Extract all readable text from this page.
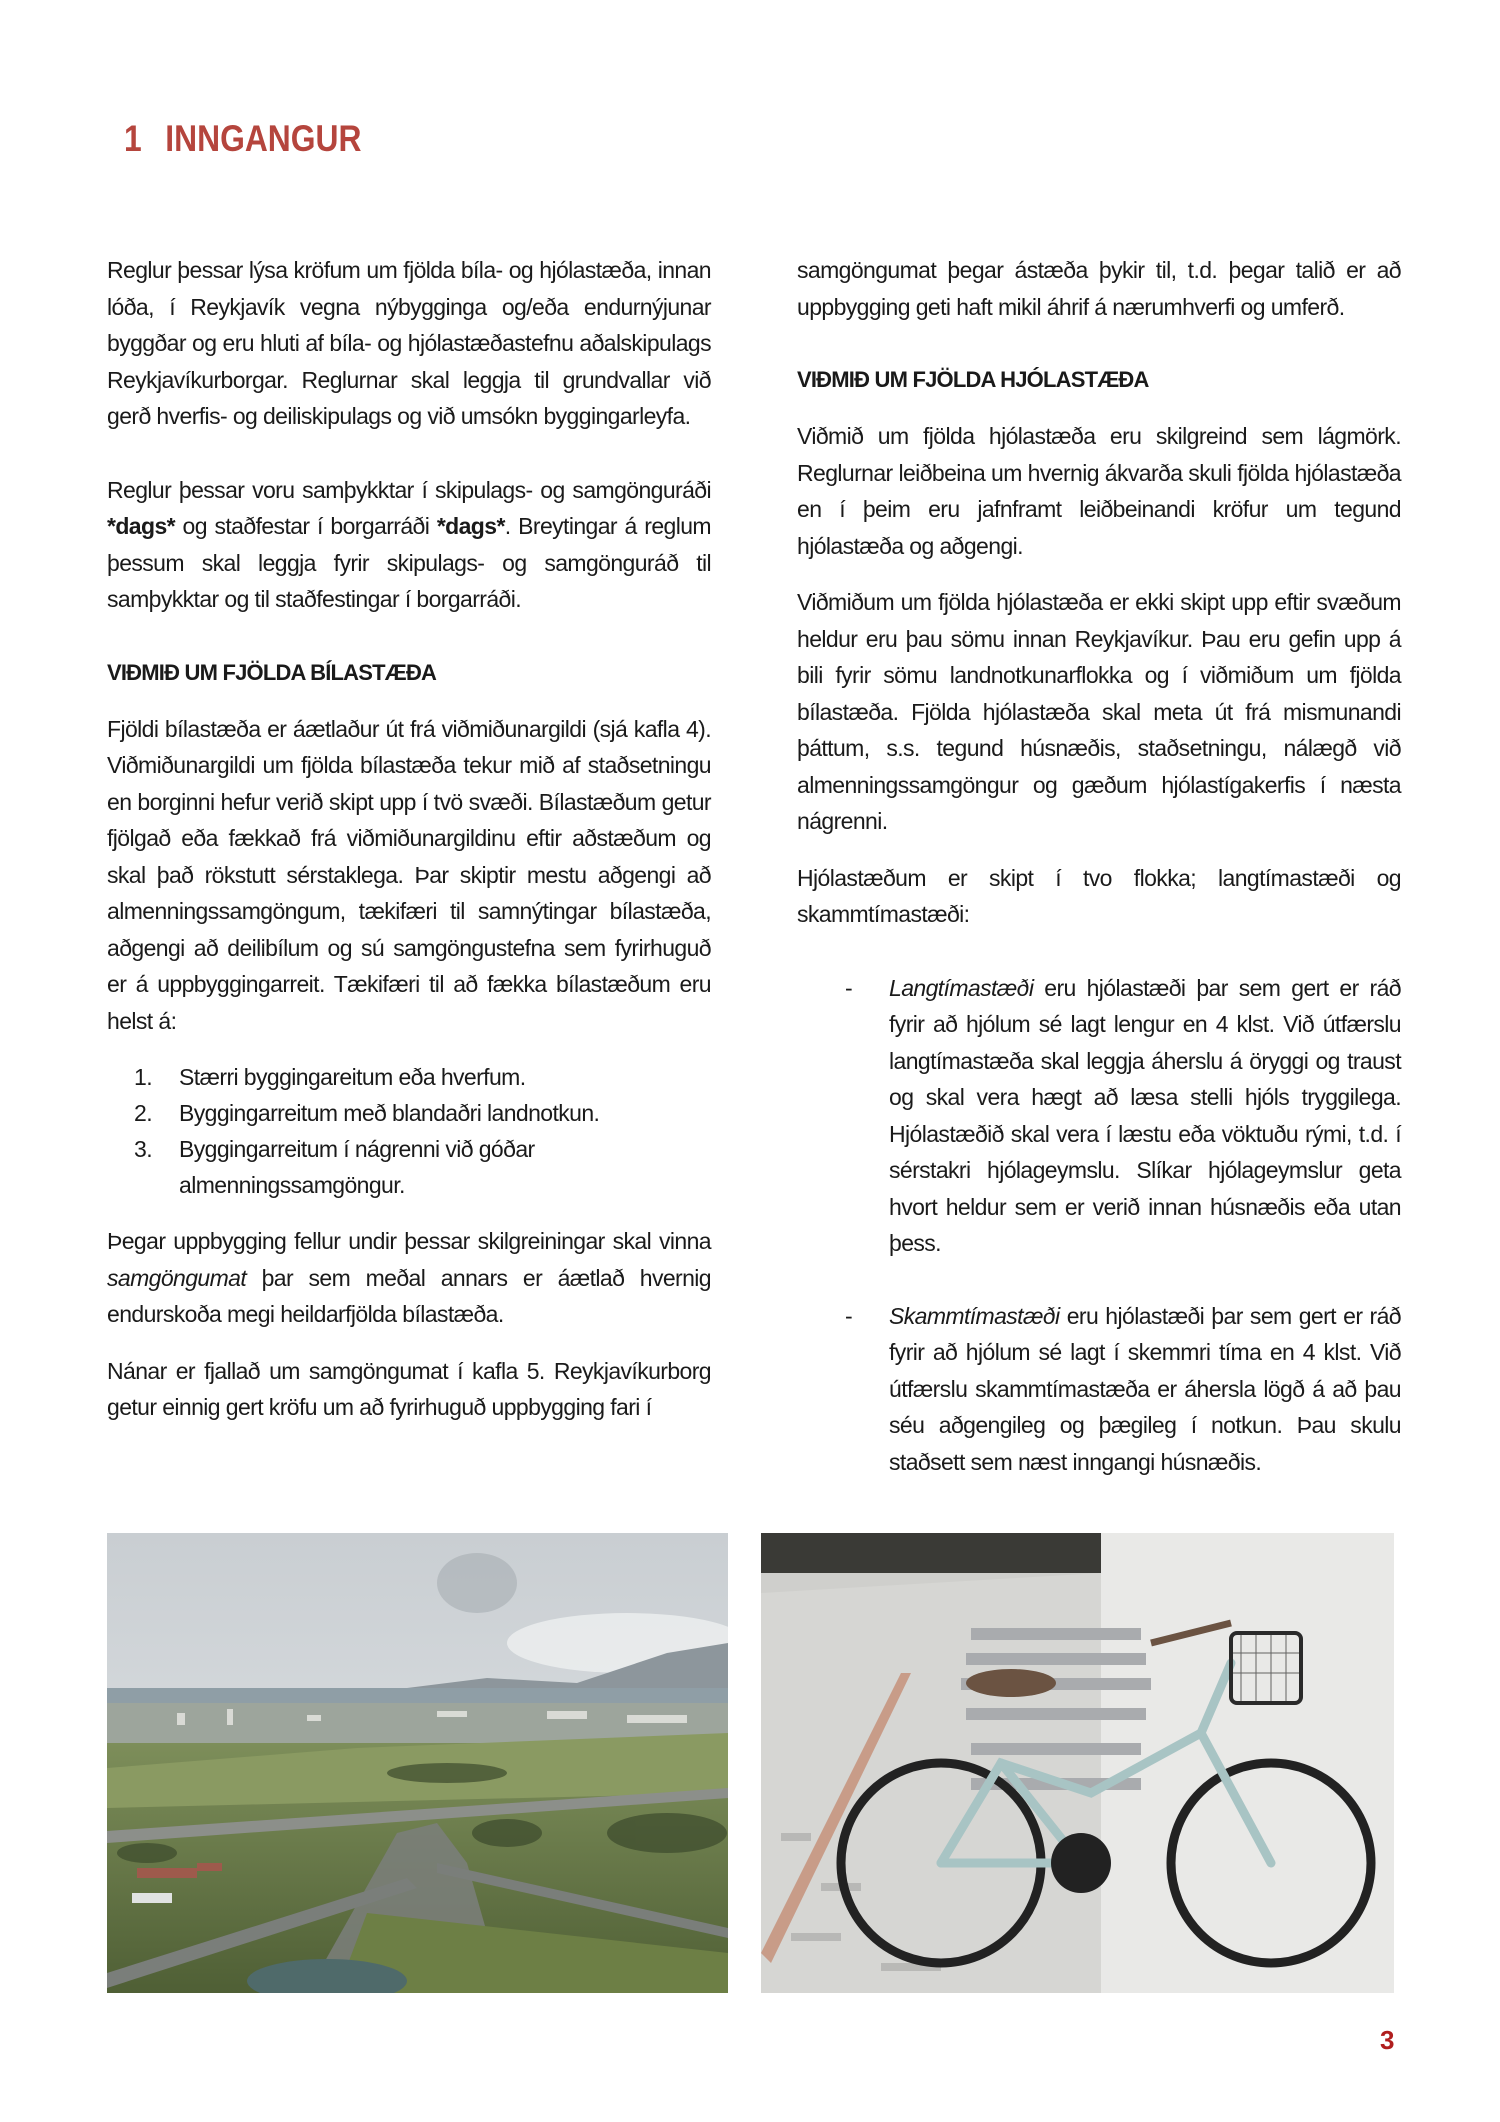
1 INNGANGUR

Reglur þessar lýsa kröfum um fjölda bíla- og hjólastæða, innan lóða, í Reykjavík vegna nýbygginga og/eða endurnýjunar byggðar og eru hluti af bíla- og hjólastæðastefnu aðalskipulags Reykjavíkurborgar. Reglurnar skal leggja til grundvallar við gerð hverfis- og deiliskipulags og við umsókn byggingarleyfa.

Reglur þessar voru samþykktar í skipulags- og samgönguráði *dags* og staðfestar í borgarráði *dags*. Breytingar á reglum þessum skal leggja fyrir skipulags- og samgönguráð til samþykktar og til staðfestingar í borgarráði.

VIÐMIÐ UM FJÖLDA BÍLASTÆÐA

Fjöldi bílastæða er áætlaður út frá viðmiðunargildi (sjá kafla 4). Viðmiðunargildi um fjölda bílastæða tekur mið af staðsetningu en borginni hefur verið skipt upp í tvö svæði. Bílastæðum getur fjölgað eða fækkað frá viðmiðunargildinu eftir aðstæðum og skal það rökstutt sérstaklega. Þar skiptir mestu aðgengi að almenningssamgöngum, tækifæri til samnýtingar bílastæða, aðgengi að deilibílum og sú samgöngustefna sem fyrirhuguð er á uppbyggingarreit. Tækifæri til að fækka bílastæðum eru helst á:

1. Stærri byggingareitum eða hverfum.
2. Byggingarreitum með blandaðri landnotkun.
3. Byggingarreitum í nágrenni við góðar almenningssamgöngur.

Þegar uppbygging fellur undir þessar skilgreiningar skal vinna samgöngumat þar sem meðal annars er áætlað hvernig endurskoða megi heildarfjölda bílastæða.

Nánar er fjallað um samgöngumat í kafla 5. Reykjavíkurborg getur einnig gert kröfu um að fyrirhuguð uppbygging fari í

samgöngumat þegar ástæða þykir til, t.d. þegar talið er að uppbygging geti haft mikil áhrif á nærumhverfi og umferð.

VIÐMIÐ UM FJÖLDA HJÓLASTÆÐA

Viðmið um fjölda hjólastæða eru skilgreind sem lágmörk. Reglurnar leiðbeina um hvernig ákvarða skuli fjölda hjólastæða en í þeim eru jafnframt leiðbeinandi kröfur um tegund hjólastæða og aðgengi.

Viðmiðum um fjölda hjólastæða er ekki skipt upp eftir svæðum heldur eru þau sömu innan Reykjavíkur. Þau eru gefin upp á bili fyrir sömu landnotkunarflokka og í viðmiðum um fjölda bílastæða. Fjölda hjólastæða skal meta út frá mismunandi þáttum, s.s. tegund húsnæðis, staðsetningu, nálægð við almenningssamgöngur og gæðum hjólastígakerfis í næsta nágrenni.

Hjólastæðum er skipt í tvo flokka; langtímastæði og skammtímastæði:

- Langtímastæði eru hjólastæði þar sem gert er ráð fyrir að hjólum sé lagt lengur en 4 klst. Við útfærslu langtímastæða skal leggja áherslu á öryggi og traust og skal vera hægt að læsa stelli hjóls tryggilega. Hjólastæðið skal vera í læstu eða vöktuðu rými, t.d. í sérstakri hjólageymslu. Slíkar hjólageymslur geta hvort heldur sem er verið innan húsnæðis eða utan þess.
- Skammtímastæði eru hjólastæði þar sem gert er ráð fyrir að hjólum sé lagt í skemmri tíma en 4 klst. Við útfærslu skammtímastæða er áhersla lögð á að þau séu aðgengileg og þægileg í notkun. Þau skulu staðsett sem næst inngangi húsnæðis.
3
